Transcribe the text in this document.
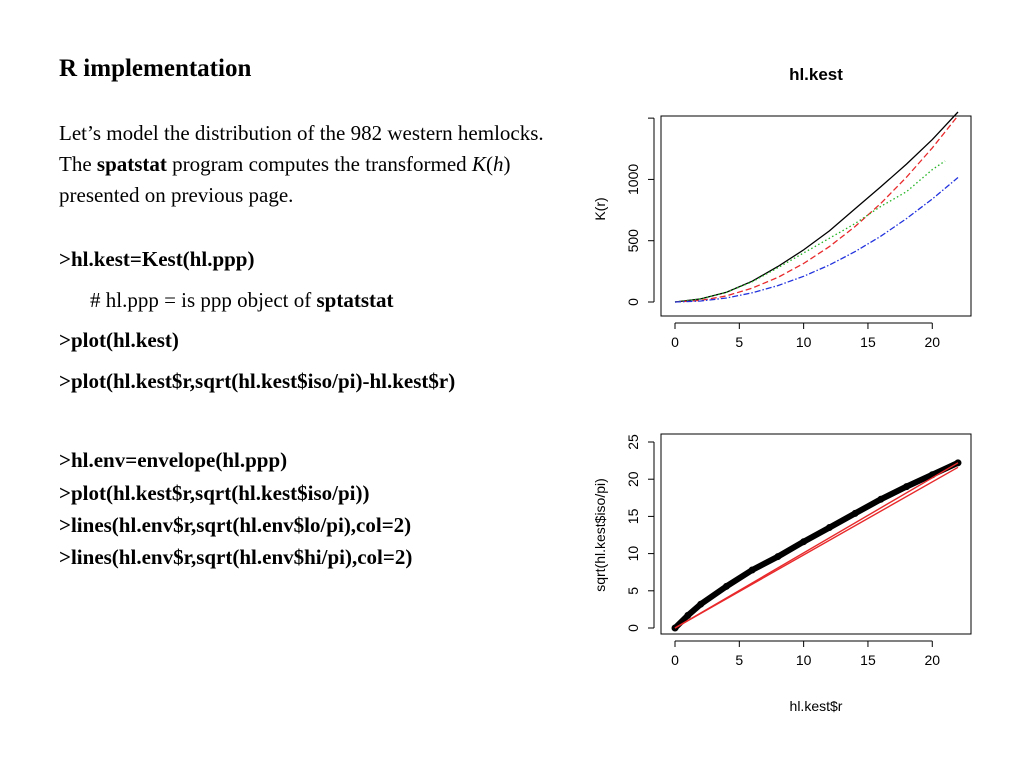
R implementation

Let’s model the distribution of the 982 western hemlocks. The spatstat program computes the transformed K(h) presented on previous page.

>hl.kest=Kest(hl.ppp)
# hl.ppp = is ppp object of sptatstat
>plot(hl.kest)
>plot(hl.kest$r,sqrt(hl.kest$iso/pi)-hl.kest$r)
>hl.env=envelope(hl.ppp)
>plot(hl.kest$r,sqrt(hl.kest$iso/pi))
>lines(hl.env$r,sqrt(hl.env$lo/pi),col=2)
>lines(hl.env$r,sqrt(hl.env$hi/pi),col=2)
hl.kest
0	5	10	15	20
0
500
1000
K(r)
0	5	10	15	20
0
5
10
15
20
25
hl.kest$r
sqrt(hl.kest$iso/pi)
